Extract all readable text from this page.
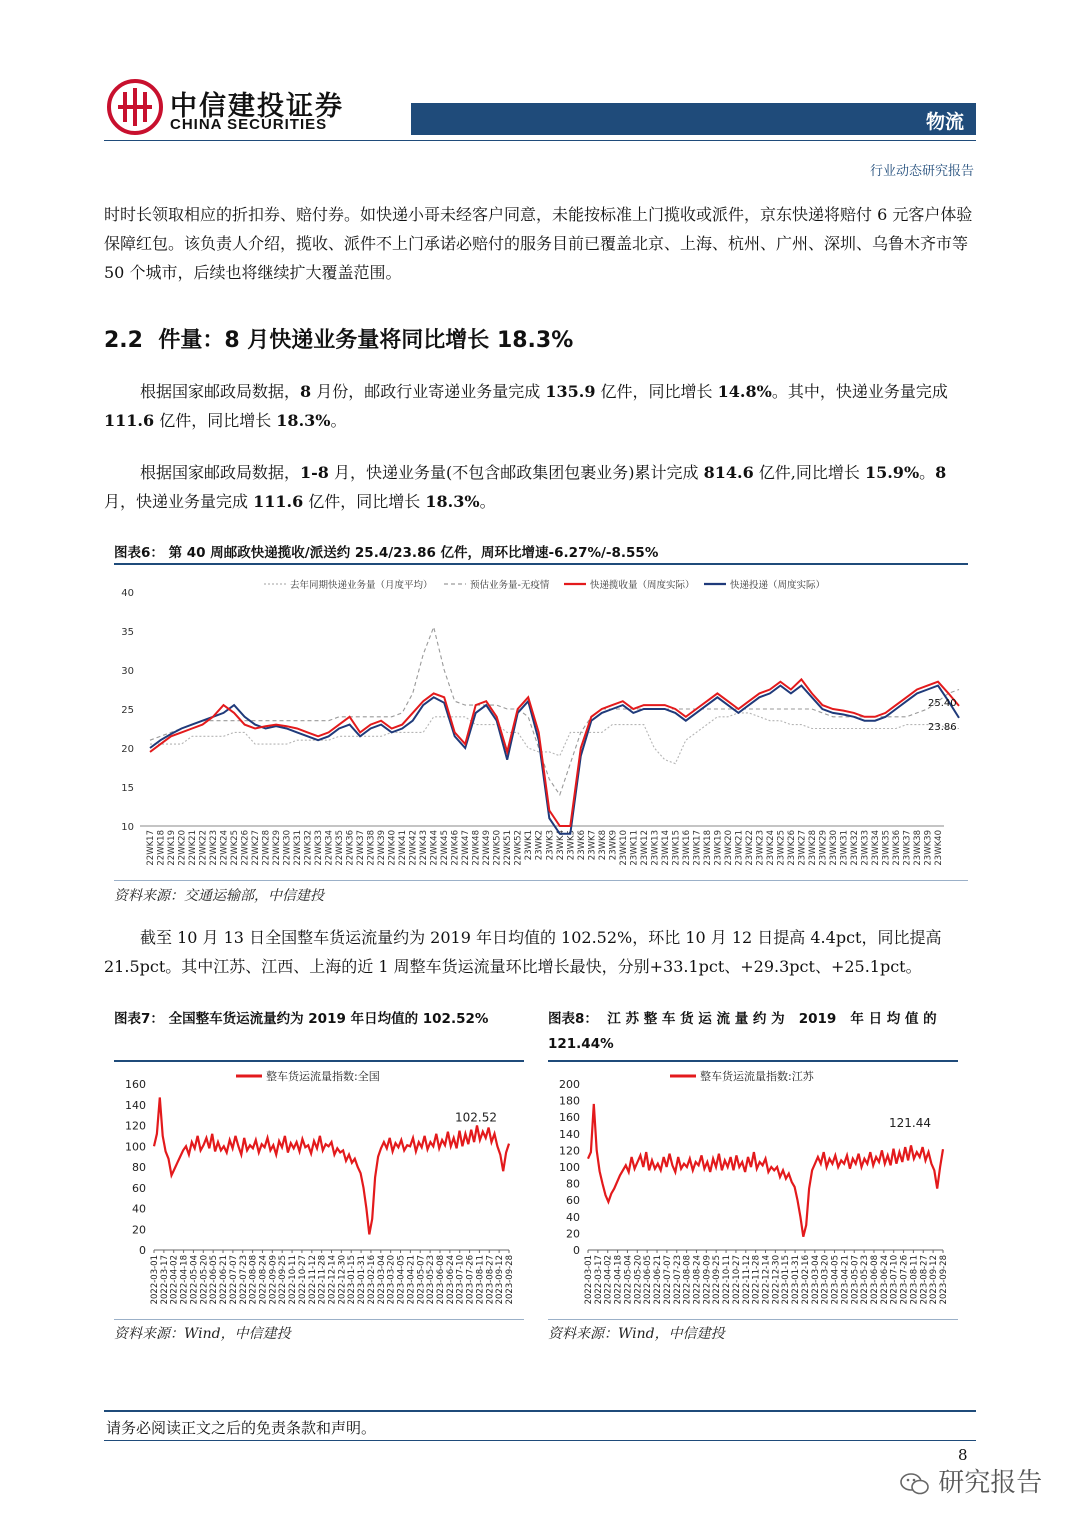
中信建投证券
CHINA SECURITIES	物流
行业动态研究报告
时时长领取相应的折扣券、赔付券。如快递小哥未经客户同意，未能按标准上门揽收或派件，京东快递将赔付 6 元客户体验保障红包。该负责人介绍，揽收、派件不上门承诺必赔付的服务目前已覆盖北京、上海、杭州、广州、深圳、乌鲁木齐市等 50 个城市，后续也将继续扩大覆盖范围。
2.2 件量：8 月快递业务量将同比增长 18.3%
根据国家邮政局数据，8 月份，邮政行业寄递业务量完成 135.9 亿件，同比增长 14.8%。其中，快递业务量完成 111.6 亿件，同比增长 18.3%。
根据国家邮政局数据，1-8 月，快递业务量(不包含邮政集团包裹业务)累计完成 814.6 亿件,同比增长 15.9%。8 月，快递业务量完成 111.6 亿件，同比增长 18.3%。
图表6： 第 40 周邮政快递揽收/派送约 25.4/23.86 亿件，周环比增速-6.27%/-8.55%
40
35
30
25
20
15
10
22WK17 22WK18 22WK19 22WK20 22WK21 22WK22 22WK23 22WK24 22WK25 22WK26 22WK27 22WK28 22WK29 22WK30 22WK31 22WK32 22WK33 22WK34 22WK35 22WK36 22WK37 22WK38 22WK39 22WK40 22WK41 22WK42 22WK43 22WK44 22WK45 22WK46 22WK47 22WK48 22WK49 22WK50 22WK51 22WK52 23WK1 23WK2 23WK3 23WK4 23WK5 23WK6 23WK7 23WK8 23WK9 23WK10 23WK11 23WK12 23WK13 23WK14 23WK15 23WK16 23WK17 23WK18 23WK19 23WK20 23WK21 23WK22 23WK23 23WK24 23WK25 23WK26 23WK27 23WK28 23WK29 23WK30 23WK31 23WK32 23WK33 23WK34 23WK35 23WK36 23WK37 23WK38 23WK39 23WK40
去年同期快递业务量（月度平均）	预估业务量-无疫情	快递揽收量（周度实际）	快递投递（周度实际）
25.40
23.86
资料来源：交通运输部，中信建投
截至 10 月 13 日全国整车货运流量约为 2019 年日均值的 102.52%，环比 10 月 12 日提高 4.4pct，同比提高 21.5pct。其中江苏、江西、上海的近 1 周整车货运流量环比增长最快，分别+33.1pct、+29.3pct、+25.1pct。
图表7： 全国整车货运流量约为 2019 年日均值的 102.52%	图表8：  江 苏 整 车 货 运 流 量 约 为   2019   年 日 均 值 的
121.44%
整车货运流量指数:全国
160
140
120
100
80
60
40
20
0
2022-03-01 2022-03-17 2022-04-02 2022-04-18 2022-05-04 2022-05-20 2022-06-05 2022-06-21 2022-07-07 2022-07-23 2022-08-08 2022-08-24 2022-09-09 2022-09-25 2022-10-11 2022-10-27 2022-11-12 2022-11-28 2022-12-14 2022-12-30 2023-01-15 2023-01-31 2023-02-16 2023-03-04 2023-03-20 2023-04-05 2023-04-21 2023-05-07 2023-05-23 2023-06-08 2023-06-24 2023-07-10 2023-07-26 2023-08-11 2023-08-27 2023-09-12 2023-09-28
102.52
整车货运流量指数:江苏
200
180
160
140
120
100
80
60
40
20
0
2022-03-01 2022-03-17 2022-04-02 2022-04-18 2022-05-04 2022-05-20 2022-06-05 2022-06-21 2022-07-07 2022-07-23 2022-08-08 2022-08-24 2022-09-09 2022-09-25 2022-10-11 2022-10-27 2022-11-12 2022-11-28 2022-12-14 2022-12-30 2023-01-15 2023-01-31 2023-02-16 2023-03-04 2023-03-20 2023-04-05 2023-04-21 2023-05-07 2023-05-23 2023-06-08 2023-06-24 2023-07-10 2023-07-26 2023-08-11 2023-08-27 2023-09-12 2023-09-28
121.44
资料来源：Wind，中信建投	资料来源：Wind，中信建投
请务必阅读正文之后的免责条款和声明。
8
研究报告
